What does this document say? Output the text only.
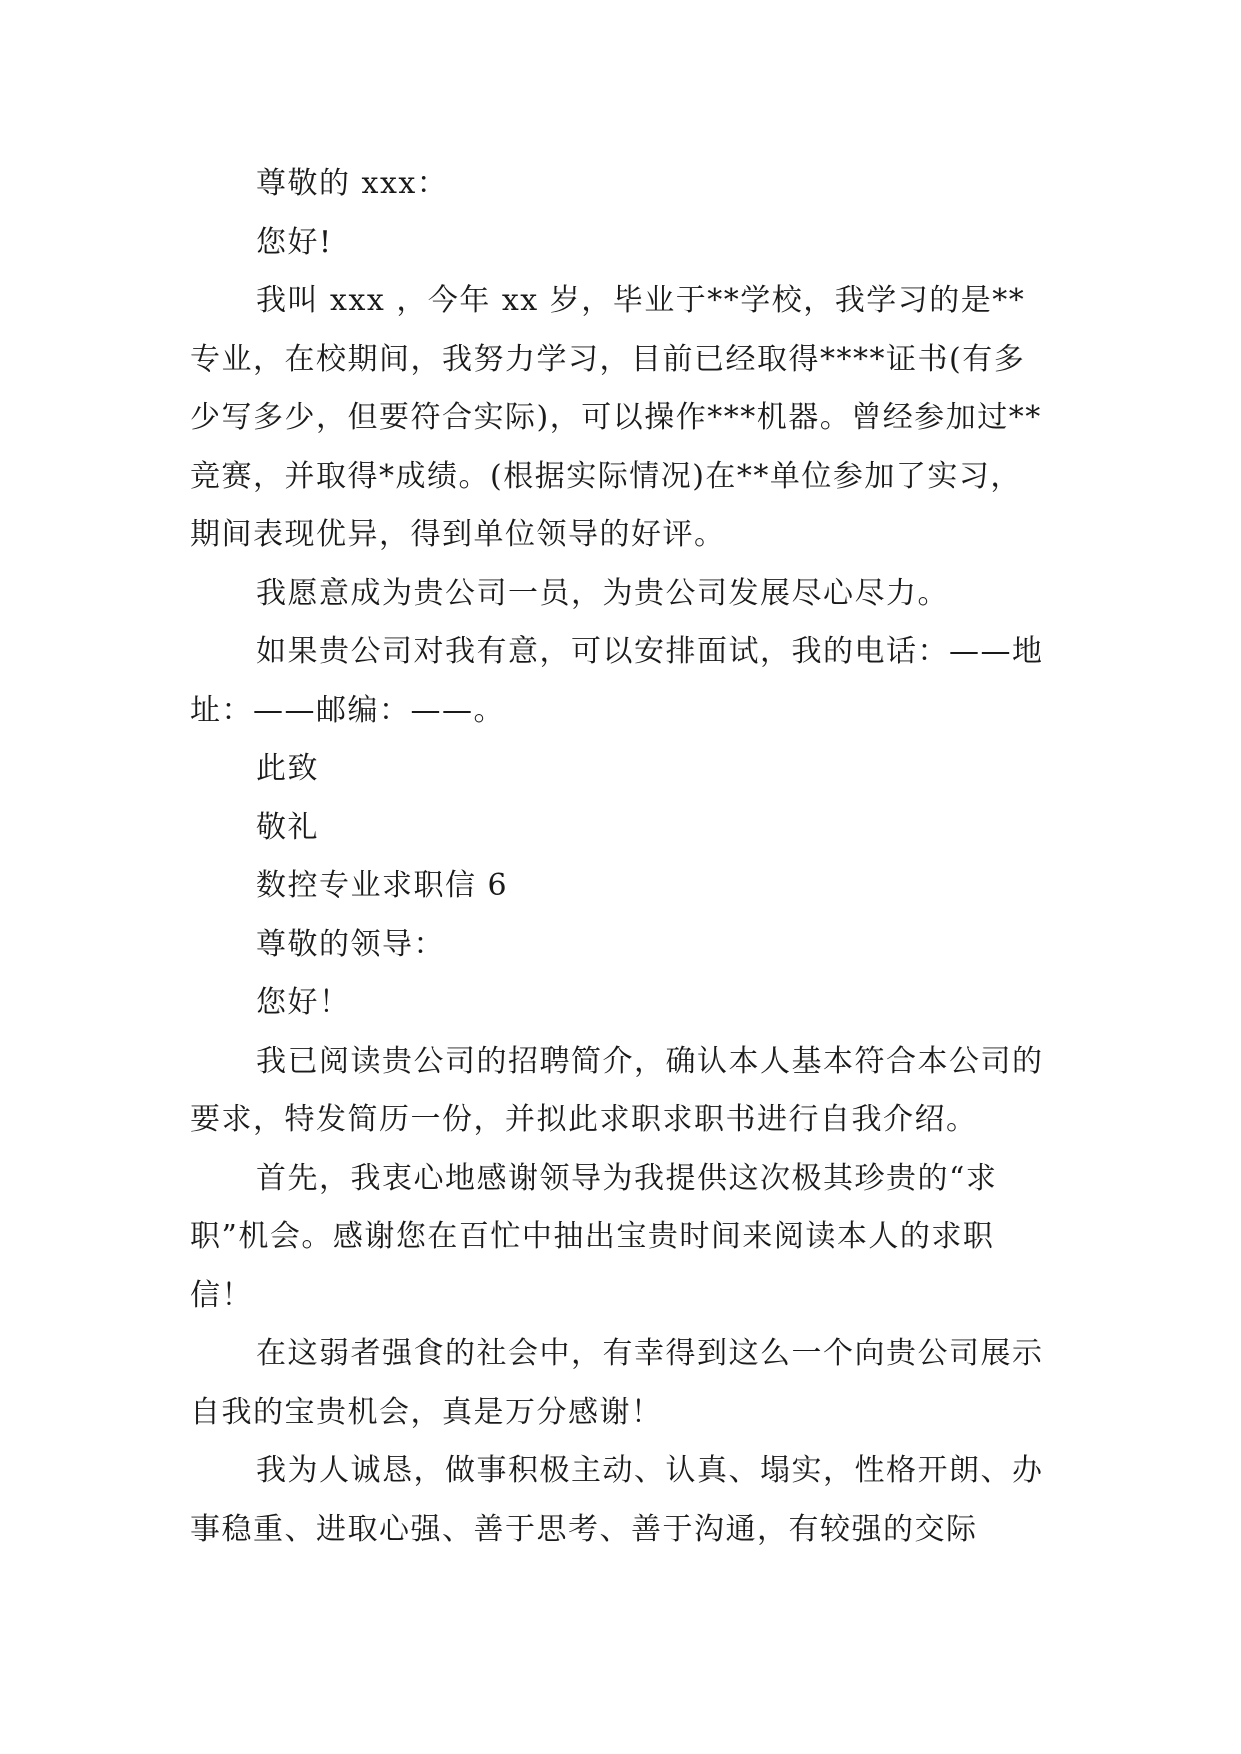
尊敬的 xxx：

您好!

我叫 xxx ，今年 xx 岁，毕业于**学校，我学习的是**专业，在校期间，我努力学习，目前已经取得****证书(有多少写多少，但要符合实际)，可以操作***机器。曾经参加过**竞赛，并取得*成绩。(根据实际情况)在**单位参加了实习，期间表现优异，得到单位领导的好评。

我愿意成为贵公司一员，为贵公司发展尽心尽力。

如果贵公司对我有意，可以安排面试，我的电话：——地址：——邮编：——。

此致

敬礼

数控专业求职信 6

尊敬的领导：

您好！

我已阅读贵公司的招聘简介，确认本人基本符合本公司的要求，特发简历一份，并拟此求职求职书进行自我介绍。

首先，我衷心地感谢领导为我提供这次极其珍贵的“求职”机会。感谢您在百忙中抽出宝贵时间来阅读本人的求职信！

在这弱者强食的社会中，有幸得到这么一个向贵公司展示自我的宝贵机会，真是万分感谢！

我为人诚恳，做事积极主动、认真、塌实，性格开朗、办事稳重、进取心强、善于思考、善于沟通，有较强的交际
